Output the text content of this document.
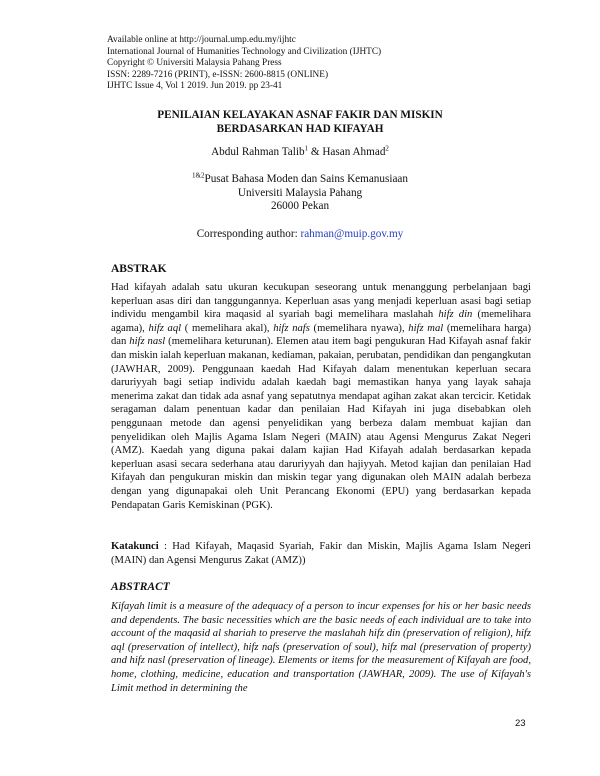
Available online at http://journal.ump.edu.my/ijhtc
International Journal of Humanities Technology and Civilization (IJHTC)
Copyright © Universiti Malaysia Pahang Press
ISSN: 2289-7216 (PRINT), e-ISSN: 2600-8815 (ONLINE)
IJHTC Issue 4, Vol 1 2019. Jun 2019. pp 23-41
PENILAIAN KELAYAKAN ASNAF FAKIR DAN MISKIN
BERDASARKAN HAD KIFAYAH
Abdul Rahman Talib$^1$ & Hasan Ahmad$^2$
$^{1\&2}$Pusat Bahasa Moden dan Sains Kemanusiaan
Universiti Malaysia Pahang
26000 Pekan
Corresponding author: rahman@muip.gov.my
ABSTRAK
Had kifayah adalah satu ukuran kecukupan seseorang untuk menanggung perbelanjaan bagi keperluan asas diri dan tanggungannya. Keperluan asas yang menjadi keperluan asasi bagi setiap individu mengambil kira maqasid al syariah bagi memelihara maslahah hifz din (memelihara agama), hifz aql ( memelihara akal), hifz nafs (memelihara nyawa), hifz mal (memelihara harga) dan hifz nasl (memelihara keturunan). Elemen atau item bagi pengukuran Had Kifayah asnaf fakir dan miskin ialah keperluan makanan, kediaman, pakaian, perubatan, pendidikan dan pengangkutan (JAWHAR, 2009). Penggunaan kaedah Had Kifayah dalam menentukan keperluan secara daruriyyah bagi setiap individu adalah kaedah bagi memastikan hanya yang layak sahaja menerima zakat dan tidak ada asnaf yang sepatutnya mendapat agihan zakat akan tercicir. Ketidak seragaman dalam penentuan kadar dan penilaian Had Kifayah ini juga disebabkan oleh penggunaan metode dan agensi penyelidikan yang berbeza dalam membuat kajian dan penyelidikan oleh Majlis Agama Islam Negeri (MAIN) atau Agensi Mengurus Zakat Negeri (AMZ). Kaedah yang diguna pakai dalam kajian Had Kifayah adalah berdasarkan kepada keperluan asasi secara sederhana atau daruriyyah dan hajiyyah. Metod kajian dan penilaian Had Kifayah dan pengukuran miskin dan miskin tegar yang digunakan oleh MAIN adalah berbeza dengan yang digunapakai oleh Unit Perancang Ekonomi (EPU) yang berdasarkan kepada Pendapatan Garis Kemiskinan (PGK).
Katakunci : Had Kifayah, Maqasid Syariah, Fakir dan Miskin, Majlis Agama Islam Negeri (MAIN) dan Agensi Mengurus Zakat (AMZ))
ABSTRACT
Kifayah limit is a measure of the adequacy of a person to incur expenses for his or her basic needs and dependents. The basic necessities which are the basic needs of each individual are to take into account of the maqasid al shariah to preserve the maslahah hifz din (preservation of religion), hifz aql (preservation of intellect), hifz nafs (preservation of soul), hifz mal (preservation of property) and hifz nasl (preservation of lineage). Elements or items for the measurement of Kifayah are food, home, clothing, medicine, education and transportation (JAWHAR, 2009). The use of Kifayah's Limit method in determining the
23
